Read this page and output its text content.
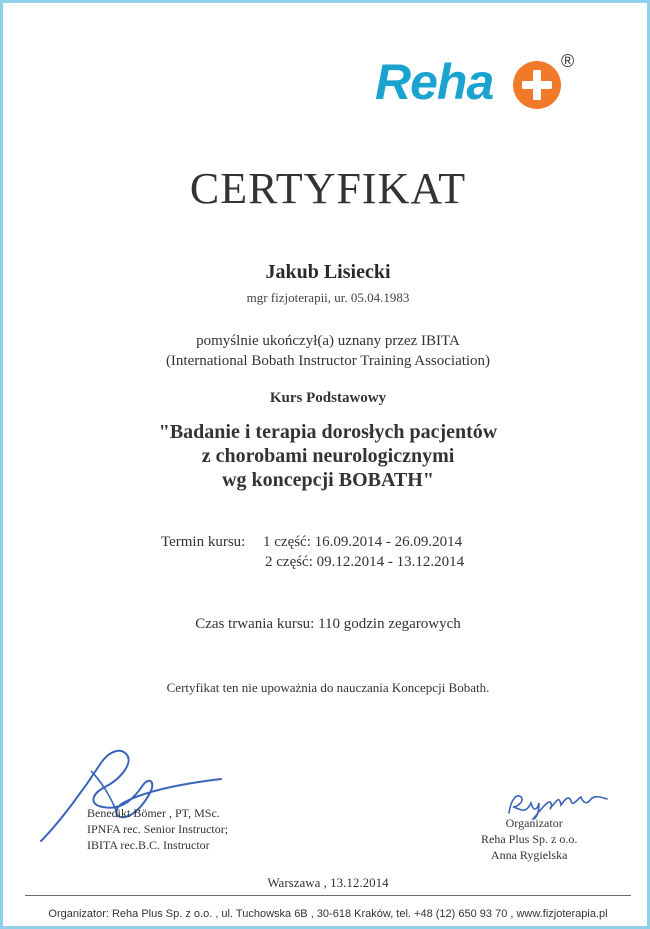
Reha	®
CERTYFIKAT
Jakub Lisiecki
mgr fizjoterapii, ur. 05.04.1983
pomyślnie ukończył(a) uznany przez IBITA
(International Bobath Instructor Training Association)
Kurs Podstawowy
"Badanie i terapia dorosłych pacjentów
z chorobami neurologicznymi
wg koncepcji BOBATH"
Termin kursu: 1 część: 16.09.2014 - 26.09.2014
2 część: 09.12.2014 - 13.12.2014
Czas trwania kursu: 110 godzin zegarowych
Certyfikat ten nie upoważnia do nauczania Koncepcji Bobath.
Benedikt Bömer , PT, MSc.
IPNFA rec. Senior Instructor;
IBITA rec.B.C. Instructor
Organizator
Reha Plus Sp. z o.o.
Anna Rygielska
Warszawa , 13.12.2014
Organizator: Reha Plus Sp. z o.o. , ul. Tuchowska 6B , 30-618 Kraków, tel. +48 (12) 650 93 70 , www.fizjoterapia.pl
